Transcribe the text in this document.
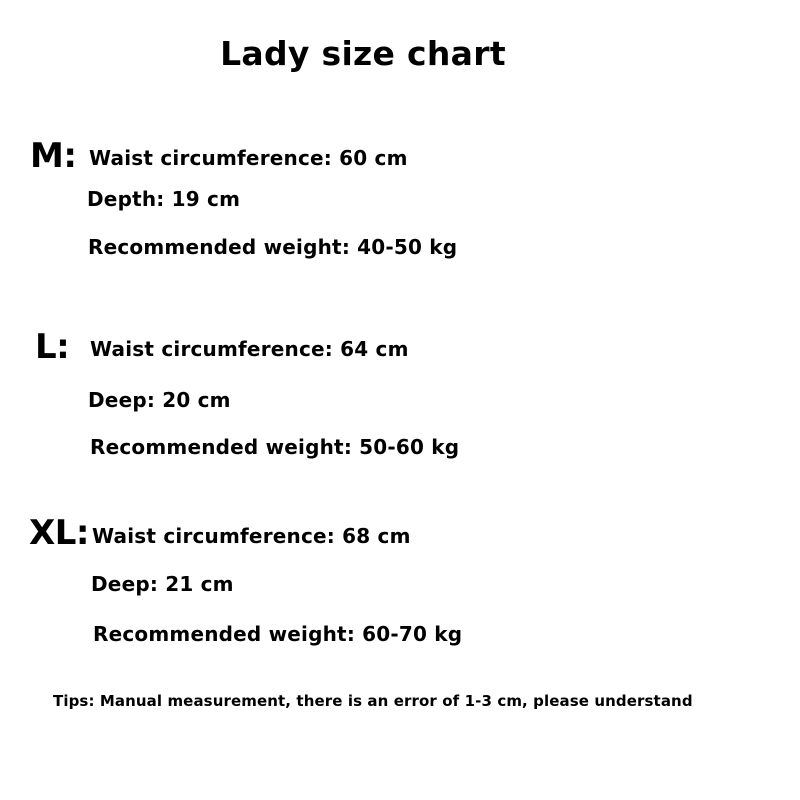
Lady size chart
M: Waist circumference: 60 cm
Depth: 19 cm
Recommended weight: 40-50 kg
L: Waist circumference: 64 cm
Deep: 20 cm
Recommended weight: 50-60 kg
XL: Waist circumference: 68 cm
Deep: 21 cm
Recommended weight: 60-70 kg
Tips: Manual measurement, there is an error of 1-3 cm, please understand
